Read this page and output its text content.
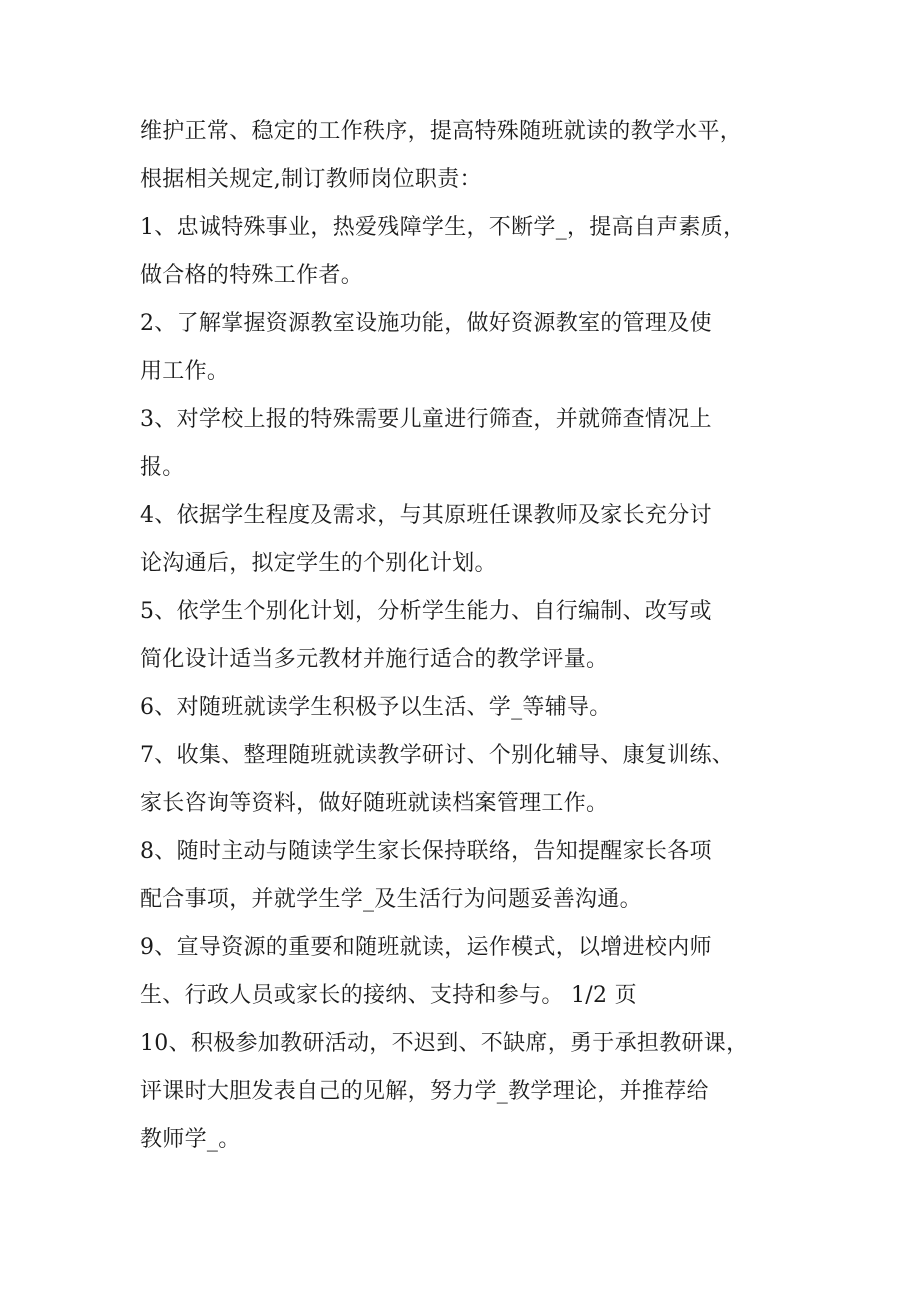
维护正常、稳定的工作秩序，提高特殊随班就读的教学水平，
根据相关规定,制订教师岗位职责：
1、忠诚特殊事业，热爱残障学生，不断学_，提高自声素质，
做合格的特殊工作者。
2、了解掌握资源教室设施功能，做好资源教室的管理及使
用工作。
3、对学校上报的特殊需要儿童进行筛查，并就筛查情况上
报。
4、依据学生程度及需求，与其原班任课教师及家长充分讨
论沟通后，拟定学生的个别化计划。
5、依学生个别化计划，分析学生能力、自行编制、改写或
简化设计适当多元教材并施行适合的教学评量。
6、对随班就读学生积极予以生活、学_等辅导。
7、收集、整理随班就读教学研讨、个别化辅导、康复训练、
家长咨询等资料，做好随班就读档案管理工作。
8、随时主动与随读学生家长保持联络，告知提醒家长各项
配合事项，并就学生学_及生活行为问题妥善沟通。
9、宣导资源的重要和随班就读，运作模式，以增进校内师
生、行政人员或家长的接纳、支持和参与。 1/2 页
10、积极参加教研活动，不迟到、不缺席，勇于承担教研课，
评课时大胆发表自己的见解，努力学_教学理论，并推荐给
教师学_。
